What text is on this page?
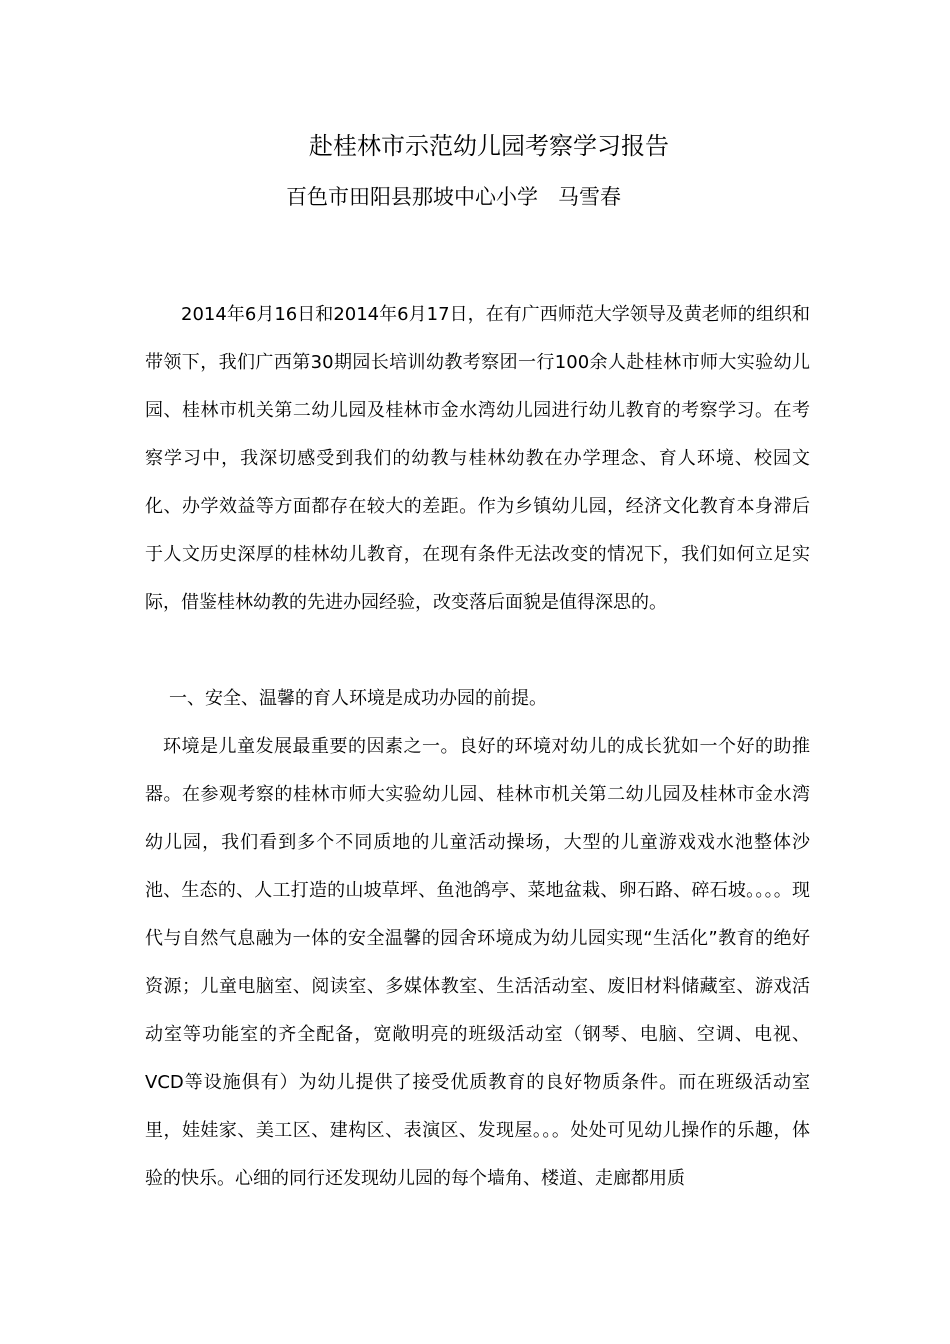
赴桂林市示范幼儿园考察学习报告
百色市田阳县那坡中心小学   马雪春
2014年6月16日和2014年6月17日，在有广西师范大学领导及黄老师的组织和带领下，我们广西第30期园长培训幼教考察团一行100余人赴桂林市师大实验幼儿园、桂林市机关第二幼儿园及桂林市金水湾幼儿园进行幼儿教育的考察学习。在考察学习中，我深切感受到我们的幼教与桂林幼教在办学理念、育人环境、校园文化、办学效益等方面都存在较大的差距。作为乡镇幼儿园，经济文化教育本身滞后于人文历史深厚的桂林幼儿教育，在现有条件无法改变的情况下，我们如何立足实际，借鉴桂林幼教的先进办园经验，改变落后面貌是值得深思的。
一、安全、温馨的育人环境是成功办园的前提。
环境是儿童发展最重要的因素之一。良好的环境对幼儿的成长犹如一个好的助推器。在参观考察的桂林市师大实验幼儿园、桂林市机关第二幼儿园及桂林市金水湾幼儿园，我们看到多个不同质地的儿童活动操场，大型的儿童游戏戏水池整体沙池、生态的、人工打造的山坡草坪、鱼池鸽亭、菜地盆栽、卵石路、碎石坡。。。。现代与自然气息融为一体的安全温馨的园舍环境成为幼儿园实现“生活化”教育的绝好资源；儿童电脑室、阅读室、多媒体教室、生活活动室、废旧材料储藏室、游戏活动室等功能室的齐全配备，宽敞明亮的班级活动室（钢琴、电脑、空调、电视、VCD等设施俱有）为幼儿提供了接受优质教育的良好物质条件。而在班级活动室里，娃娃家、美工区、建构区、表演区、发现屋。。。处处可见幼儿操作的乐趣，体验的快乐。心细的同行还发现幼儿园的每个墙角、楼道、走廊都用质
